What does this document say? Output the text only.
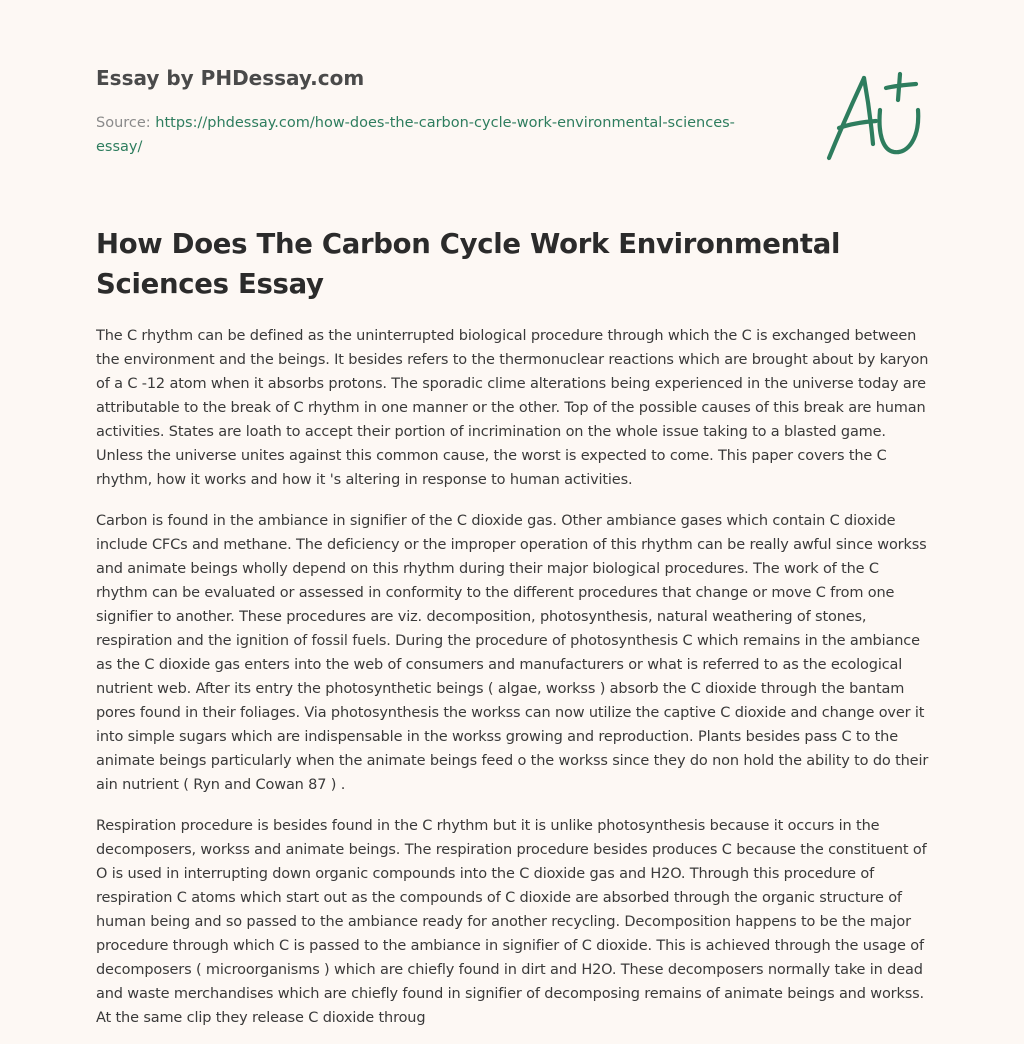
Essay by PHDessay.com
Source: https://phdessay.com/how-does-the-carbon-cycle-work-environmental-sciences-essay/
How Does The Carbon Cycle Work Environmental Sciences Essay

The C rhythm can be defined as the uninterrupted biological procedure through which the C is exchanged between the environment and the beings. It besides refers to the thermonuclear reactions which are brought about by karyon of a C -12 atom when it absorbs protons. The sporadic clime alterations being experienced in the universe today are attributable to the break of C rhythm in one manner or the other. Top of the possible causes of this break are human activities. States are loath to accept their portion of incrimination on the whole issue taking to a blasted game. Unless the universe unites against this common cause, the worst is expected to come. This paper covers the C rhythm, how it works and how it 's altering in response to human activities.

Carbon is found in the ambiance in signifier of the C dioxide gas. Other ambiance gases which contain C dioxide include CFCs and methane. The deficiency or the improper operation of this rhythm can be really awful since workss and animate beings wholly depend on this rhythm during their major biological procedures. The work of the C rhythm can be evaluated or assessed in conformity to the different procedures that change or move C from one signifier to another. These procedures are viz. decomposition, photosynthesis, natural weathering of stones, respiration and the ignition of fossil fuels. During the procedure of photosynthesis C which remains in the ambiance as the C dioxide gas enters into the web of consumers and manufacturers or what is referred to as the ecological nutrient web. After its entry the photosynthetic beings ( algae, workss ) absorb the C dioxide through the bantam pores found in their foliages. Via photosynthesis the workss can now utilize the captive C dioxide and change over it into simple sugars which are indispensable in the workss growing and reproduction. Plants besides pass C to the animate beings particularly when the animate beings feed o the workss since they do non hold the ability to do their ain nutrient ( Ryn and Cowan 87 ) .

Respiration procedure is besides found in the C rhythm but it is unlike photosynthesis because it occurs in the decomposers, workss and animate beings. The respiration procedure besides produces C because the constituent of O is used in interrupting down organic compounds into the C dioxide gas and H2O. Through this procedure of respiration C atoms which start out as the compounds of C dioxide are absorbed through the organic structure of human being and so passed to the ambiance ready for another recycling. Decomposition happens to be the major procedure through which C is passed to the ambiance in signifier of C dioxide. This is achieved through the usage of decomposers ( microorganisms ) which are chiefly found in dirt and H2O. These decomposers normally take in dead and waste merchandises which are chiefly found in signifier of decomposing remains of animate beings and workss. At the same clip they release C dioxide throug
